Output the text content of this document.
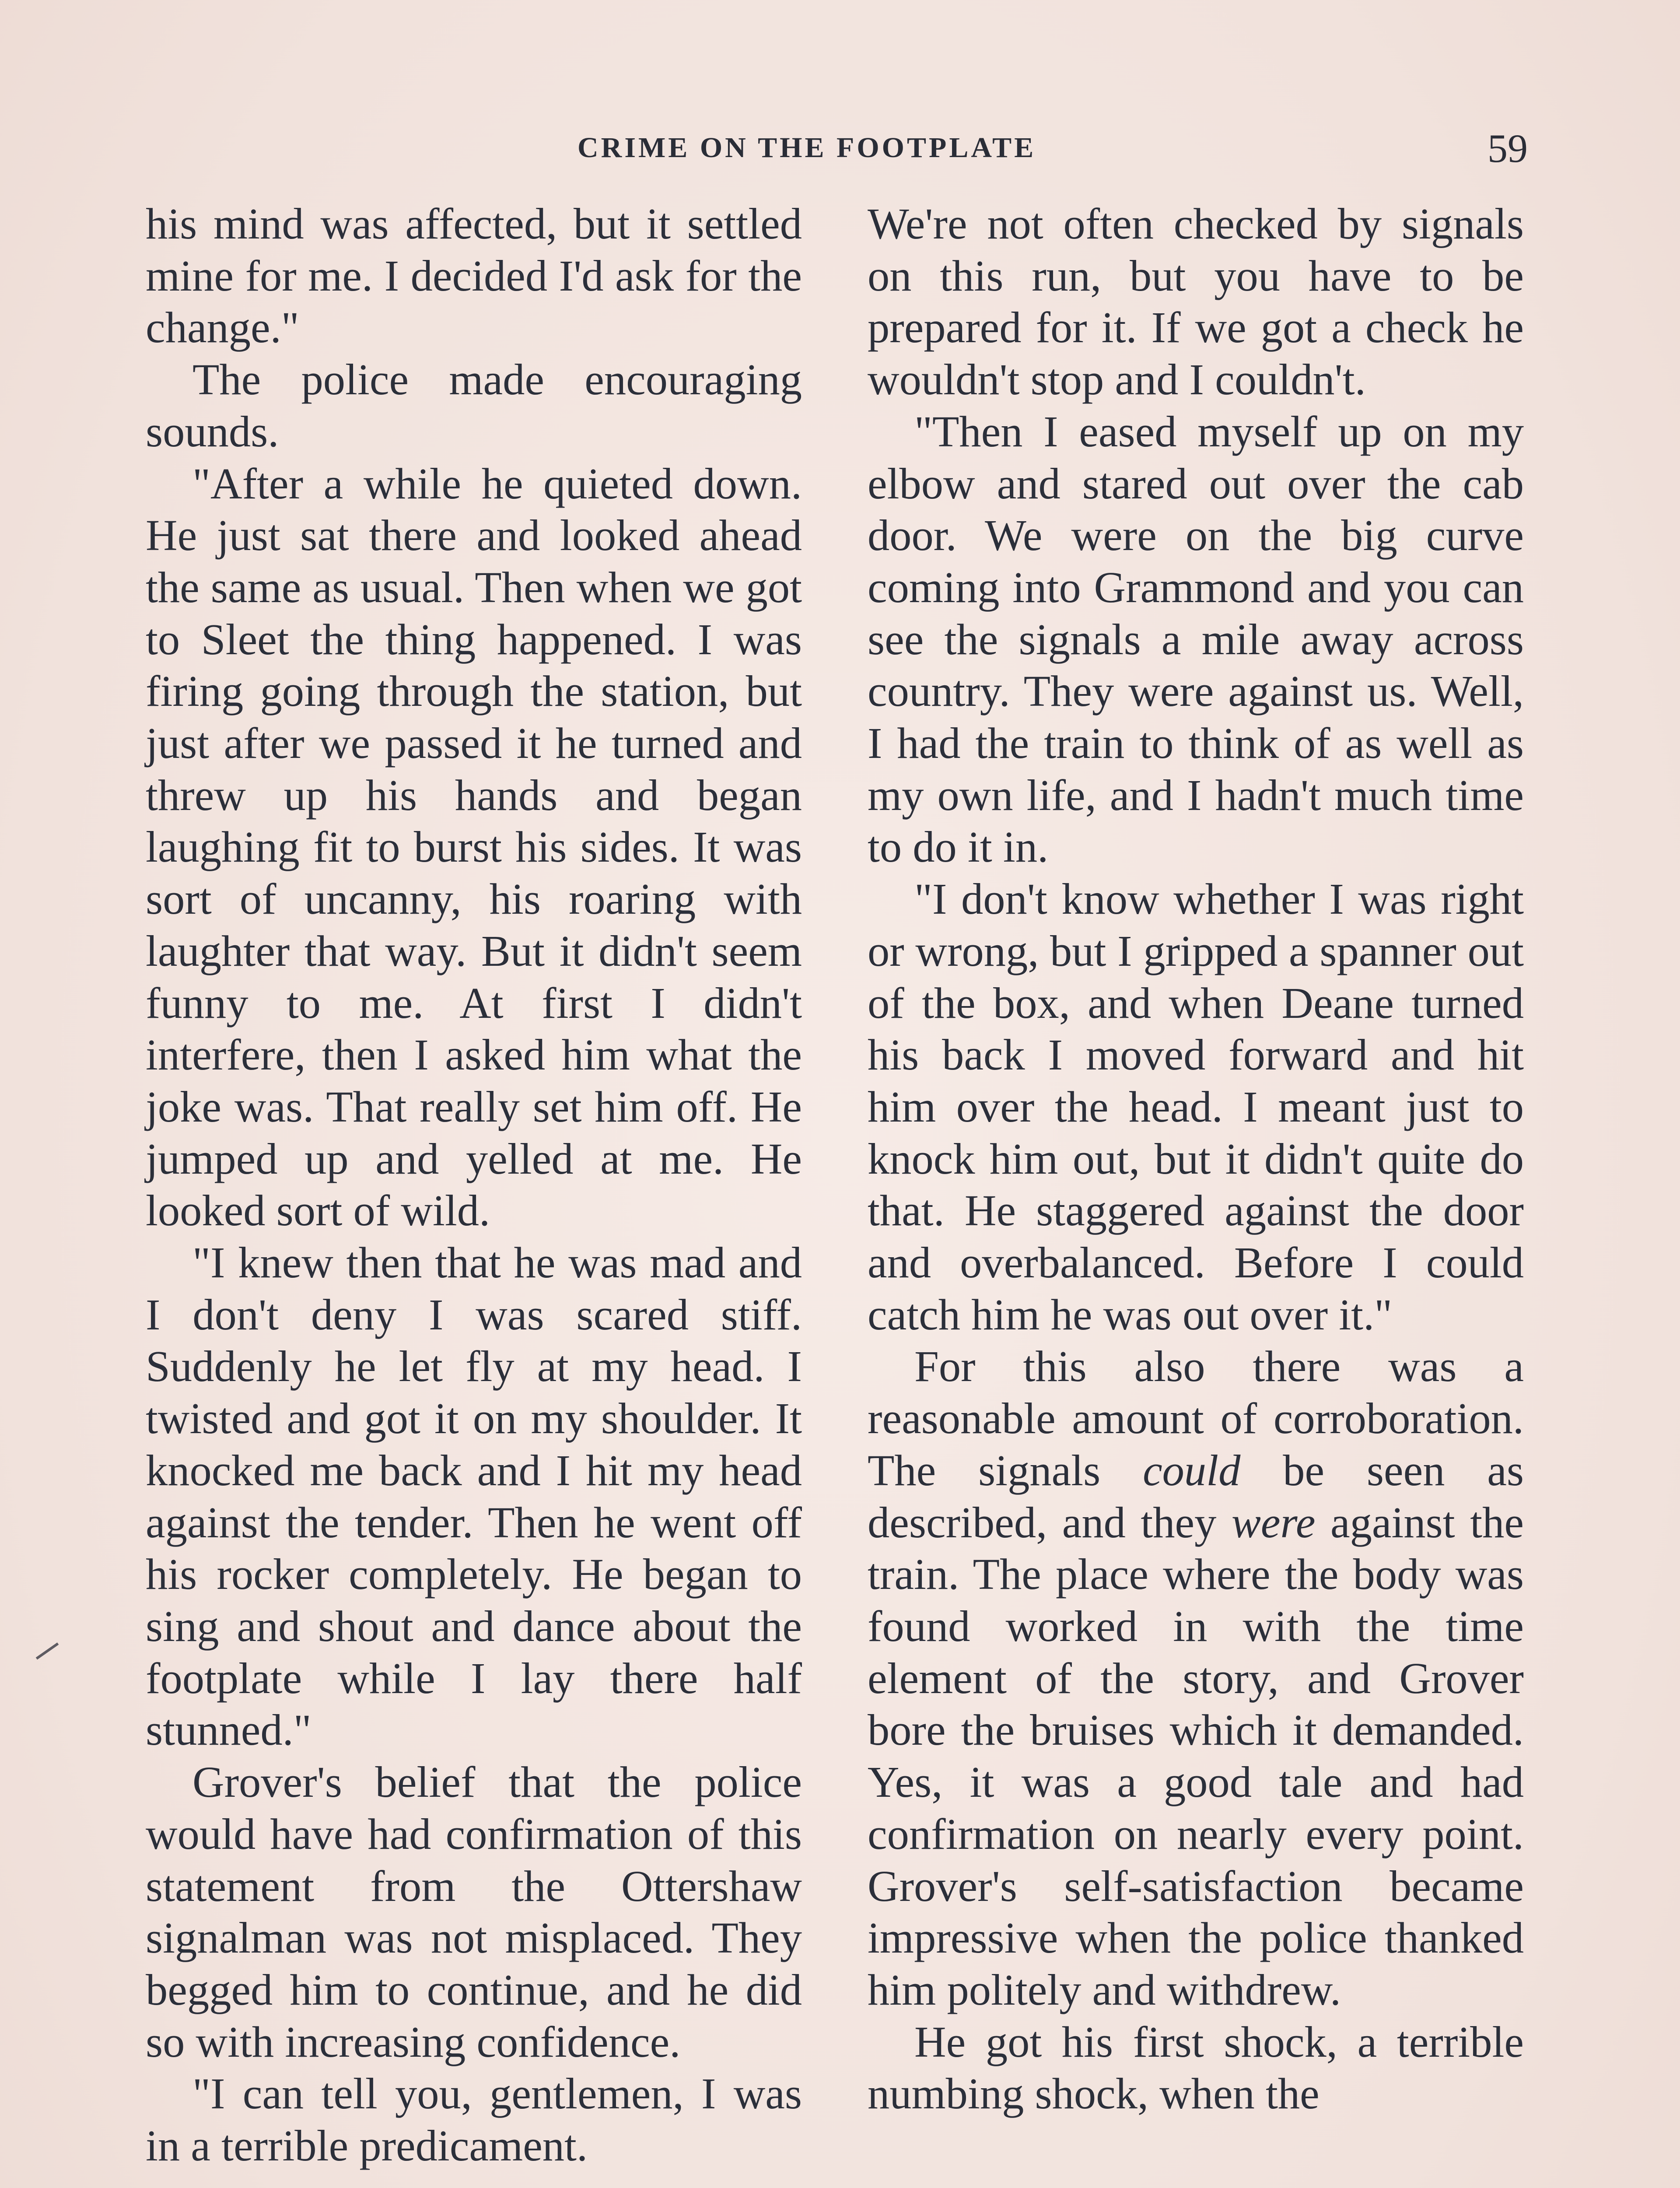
CRIME ON THE FOOTPLATE	59

his mind was affected, but it settled mine for me. I decided I'd ask for the change."

The police made encouraging sounds.

"After a while he quieted down. He just sat there and looked ahead the same as usual. Then when we got to Sleet the thing happened. I was firing going through the station, but just after we passed it he turned and threw up his hands and began laughing fit to burst his sides. It was sort of uncanny, his roaring with laughter that way. But it didn't seem funny to me. At first I didn't interfere, then I asked him what the joke was. That really set him off. He jumped up and yelled at me. He looked sort of wild.

"I knew then that he was mad and I don't deny I was scared stiff. Suddenly he let fly at my head. I twisted and got it on my shoulder. It knocked me back and I hit my head against the tender. Then he went off his rocker completely. He began to sing and shout and dance about the footplate while I lay there half stunned."

Grover's belief that the police would have had confirmation of this statement from the Ottershaw signalman was not misplaced. They begged him to continue, and he did so with increasing confidence.

"I can tell you, gentlemen, I was in a terrible predicament.

We're not often checked by signals on this run, but you have to be prepared for it. If we got a check he wouldn't stop and I couldn't.

"Then I eased myself up on my elbow and stared out over the cab door. We were on the big curve coming into Grammond and you can see the signals a mile away across country. They were against us. Well, I had the train to think of as well as my own life, and I hadn't much time to do it in.

"I don't know whether I was right or wrong, but I gripped a spanner out of the box, and when Deane turned his back I moved forward and hit him over the head. I meant just to knock him out, but it didn't quite do that. He staggered against the door and overbalanced. Before I could catch him he was out over it."

For this also there was a reasonable amount of corroboration. The signals could be seen as described, and they were against the train. The place where the body was found worked in with the time element of the story, and Grover bore the bruises which it demanded. Yes, it was a good tale and had confirmation on nearly every point. Grover's self-satisfaction became impressive when the police thanked him politely and withdrew.

He got his first shock, a terrible numbing shock, when the
